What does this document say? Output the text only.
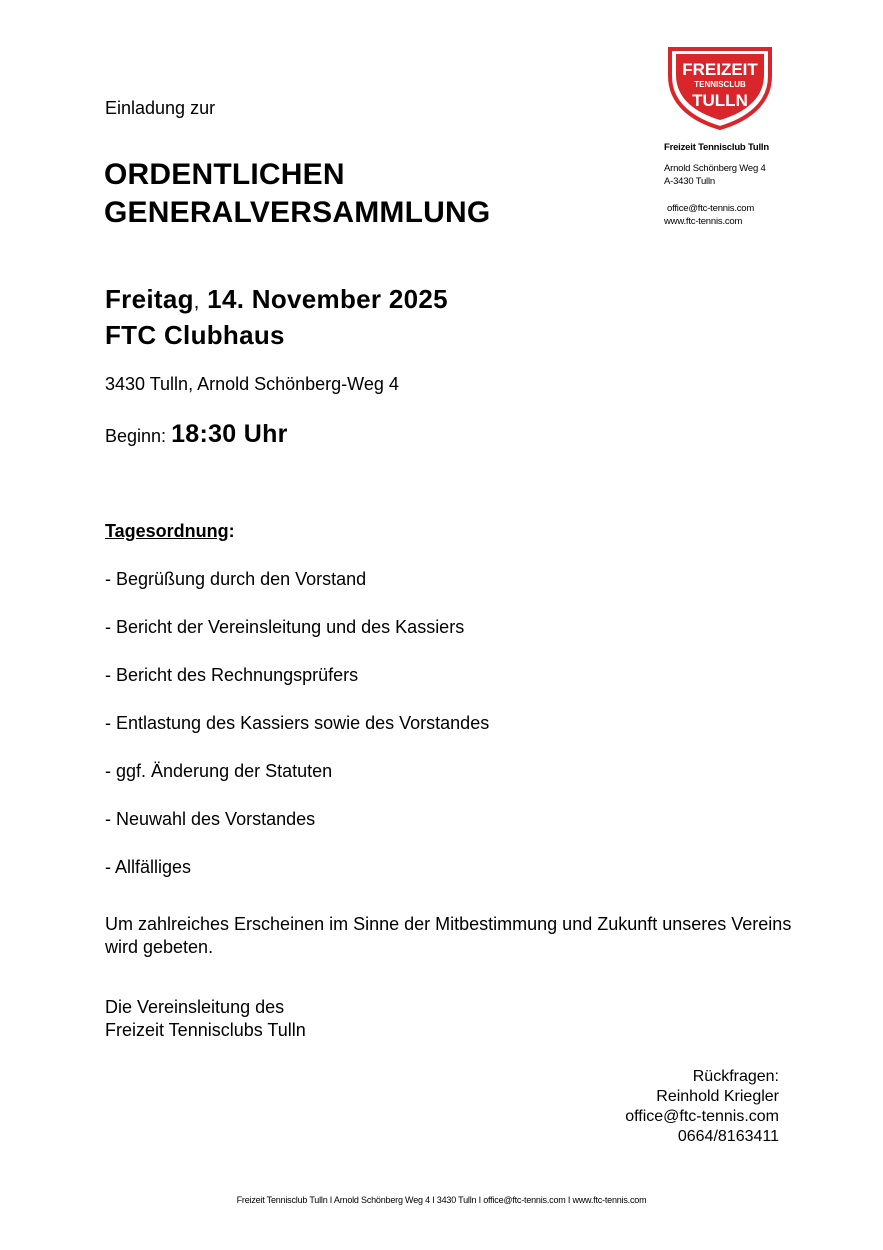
FREIZEIT
TENNISCLUB
TULLN
Freizeit Tennisclub Tulln
Arnold Schönberg Weg 4
A-3430 Tulln
office@ftc-tennis.com
www.ftc-tennis.com
Einladung zur
ORDENTLICHEN
GENERALVERSAMMLUNG
Freitag, 14. November 2025
FTC Clubhaus
3430 Tulln, Arnold Schönberg-Weg 4
Beginn: 18:30 Uhr
Tagesordnung:
- Begrüßung durch den Vorstand
- Bericht der Vereinsleitung und des Kassiers
- Bericht des Rechnungsprüfers
- Entlastung des Kassiers sowie des Vorstandes
- ggf. Änderung der Statuten
- Neuwahl des Vorstandes
- Allfälliges
Um zahlreiches Erscheinen im Sinne der Mitbestimmung und Zukunft unseres Vereins wird gebeten.
Die Vereinsleitung des
Freizeit Tennisclubs Tulln
Rückfragen:
Reinhold Kriegler
office@ftc-tennis.com
0664/8163411
Freizeit Tennisclub Tulln I Arnold Schönberg Weg 4 I 3430 Tulln I office@ftc-tennis.com I www.ftc-tennis.com
